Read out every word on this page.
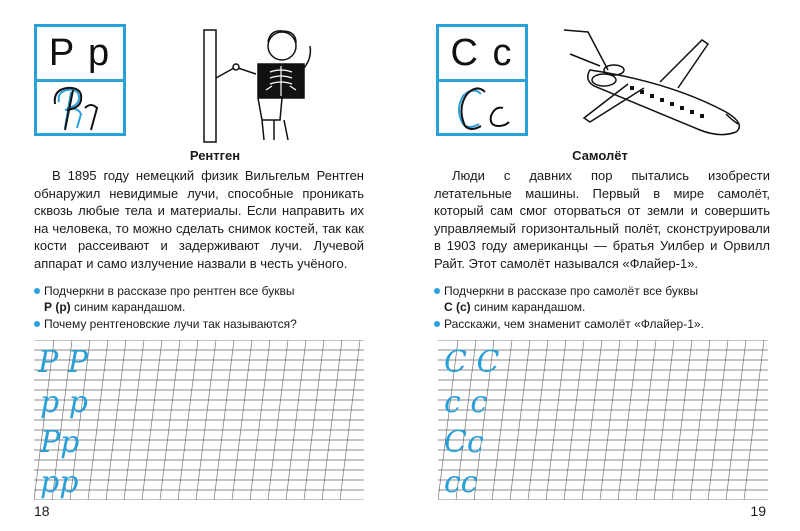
P p
Рентген
В 1895 году немецкий физик Вильгельм Рентген обнаружил невидимые лучи, способные проникать сквозь любые тела и материалы. Если направить их на человека, то можно сделать снимок костей, так как кости рассеивают и задерживают лучи. Лучевой аппарат и само излучение назвали в честь учёного.
Подчеркни в рассказе про рентген все буквы
Р (р) синим карандашом.
Почему рентгеновские лучи так называются?
P P
p p
Pp
pp
18
C c
Самолёт
Люди с давних пор пытались изобрести летательные машины. Первый в мире самолёт, который сам смог оторваться от земли и совершить управляемый горизонтальный полёт, сконструировали в 1903 году американцы — братья Уилбер и Орвилл Райт. Этот самолёт назывался «Флайер-1».
Подчеркни в рассказе про самолёт все буквы
С (с) синим карандашом.
Расскажи, чем знаменит самолёт «Флайер-1».
C C
c c
Cc
cc
19
